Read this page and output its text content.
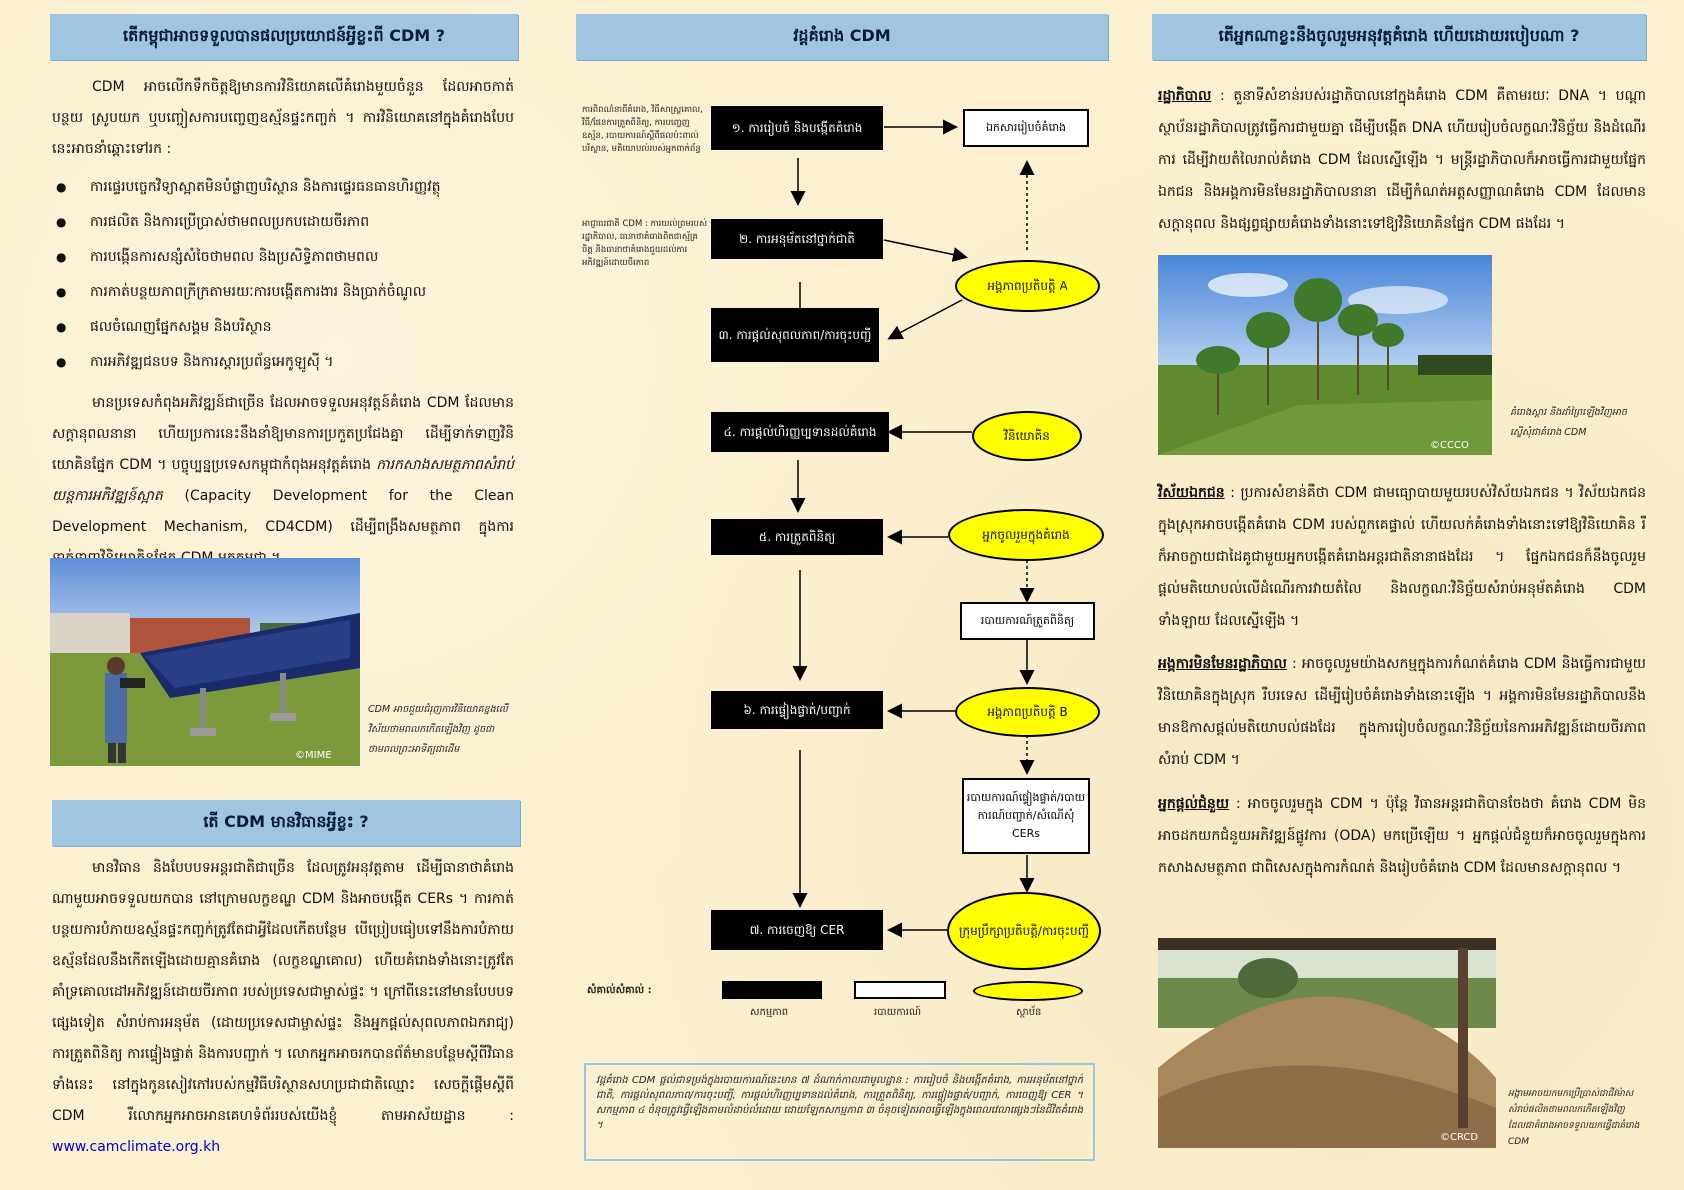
តើកម្ពុជាអាចទទួលបានផលប្រយោជន៍អ្វីខ្លះពី CDM ?

CDM អាចលើកទឹកចិត្តឱ្យមានការវិនិយោគលើគំរោងមួយចំនួន ដែលអាចកាត់បន្ថយ ស្រូបយក ឬបញ្ចៀសការបញ្ចេញឧស្ម័នផ្ទះកញ្ចក់ ។ ការវិនិយោគនៅក្នុងគំរោងបែបនេះអាចនាំឆ្ពោះទៅរក :

● ការផ្ទេរបច្ចេកវិទ្យាស្អាតមិនបំផ្លាញបរិស្ថាន និងការផ្ទេរធនធានហិរញ្ញវត្ថុ
● ការផលិត និងការប្រើប្រាស់ថាមពលប្រកបដោយចីរភាព
● ការបង្កើនការសន្សំសំចៃថាមពល និងប្រសិទ្ធិភាពថាមពល
● ការកាត់បន្ថយភាពក្រីក្រតាមរយៈការបង្កើតការងារ និងប្រាក់ចំណូល
● ផលចំណេញផ្នែកសង្គម និងបរិស្ថាន
● ការអភិវឌ្ឍជនបទ និងការស្តារប្រព័ន្ធអេកូឡូស៊ី ។

មានប្រទេសកំពុងអភិវឌ្ឍន៍ជាច្រើន ដែលអាចទទួលអនុវត្តន៍គំរោង CDM ដែលមានសក្តានុពលនានា ហើយប្រការនេះនឹងនាំឱ្យមានការប្រកួតប្រជែងគ្នា ដើម្បីទាក់ទាញវិនិយោគិនផ្នែក CDM ។ បច្ចុប្បន្នប្រទេសកម្ពុជាកំពុងអនុវត្តគំរោង ការកសាងសមត្ថភាពសំរាប់យន្តការអភិវឌ្ឍន៍ស្អាត (Capacity Development for the Clean Development Mechanism, CD4CDM) ដើម្បីពង្រឹងសមត្ថភាព ក្នុងការ

©MIME
CDM អាចជួយជំរុញការវិនិយោគខ្នងលើវិស័យថាមពលកកើតឡើងវិញ ដូចជាថាមពលព្រះអាទិត្យជាដើម
តើ CDM មានវិធានអ្វីខ្លះ ?

មានវិធាន និងបែបបទអន្តរជាតិជាច្រើន ដែលត្រូវអនុវត្តតាម ដើម្បីធានាថាគំរោងណាមួយអាចទទួលយកបាន នៅក្រោមលក្ខខណ្ឌ CDM និងអាចបង្កើត CERs ។ ការកាត់បន្ថយការបំភាយឧស្ម័នផ្ទះកញ្ចក់ត្រូវតែជាអ្វីដែលកើតបន្ថែម បើប្រៀបធៀបទៅនឹងការបំភាយឧស្ម័នដែលនឹងកើតឡើងដោយគ្មានគំរោង (លក្ខខណ្ឌគោល) ហើយគំរោងទាំងនោះត្រូវតែគាំទ្រគោលដៅអភិវឌ្ឍន៍ដោយចីរភាព របស់ប្រទេសជាម្ចាស់ផ្ទះ ។ ក្រៅពីនេះនៅមានបែបបទផ្សេងទៀត សំរាប់ការអនុម័ត (ដោយប្រទេសជាម្ចាស់ផ្ទះ និងអ្នកផ្តល់សុពលភាពឯករាជ្យ) ការត្រួតពិនិត្យ ការផ្ទៀងផ្ទាត់ និងការបញ្ជាក់ ។ លោកអ្នកអាចរកបានព័ត៌មានបន្ថែមស្តីពីវិធានទាំងនេះ នៅក្នុងកូនសៀវភៅរបស់កម្មវិធីបរិស្ថានសហប្រជាជាតិឈ្មោះ សេចក្តីផ្តើមស្តីពី CDM រឺលោកអ្នកអាចអានគេហទំព័ររបស់យើងខ្ញុំ តាមអាស័យដ្ឋាន : www.camclimate.org.kh

វដ្តគំរោង CDM
ការពិពណ៌នាពីគំរោង, វិធីសាស្ត្រគោល, វិធី/ផែនការត្រួតពិនិត្យ, ការបញ្ចេញឧស្ម័ន, របាយការណ៍ស្តីពីផលប៉ះពាល់បរិស្ថាន, មតិយោបល់របស់អ្នកពាក់ព័ន្ធ
អាជ្ញាធរជាតិ CDM : ការយល់ព្រមរបស់រដ្ឋាភិបាល, ធានាថាគំរោងពិតជាស្ម័គ្រចិត្ត និងធានាថាគំរោងជួយដល់ការអភិវឌ្ឍន៍ដោយចីរភាព
១. ការរៀបចំ និងបង្កើតគំរោង
២. ការអនុម័តនៅថ្នាក់ជាតិ
៣. ការផ្តល់សុពលភាព/ការចុះបញ្ជី
៤. ការផ្តល់ហិរញ្ញប្បទានដល់គំរោង
៥. ការត្រួតពិនិត្យ
៦. ការផ្ទៀងផ្ទាត់/បញ្ជាក់
៧. ការចេញឱ្យ CER
ឯកសាររៀបចំគំរោង
របាយការណ៍ត្រួតពិនិត្យ
របាយការណ៍ផ្ទៀងផ្ទាត់/របាយការណ៍បញ្ជាក់/សំណើសុំ CERs
អង្គភាពប្រតិបត្តិ A
វិនិយោគិន
អ្នកចូលរួមក្នុងគំរោង
អង្គភាពប្រតិបត្តិ B
ក្រុមប្រឹក្សាប្រតិបត្តិ/ការចុះបញ្ជី
សំគាល់សំគាល់ :
សកម្មភាព	របាយការណ៍	ស្ថាប័ន
វដ្តគំរោង CDM ផ្តល់ជាទម្រង់ក្នុងរបាយការណ៍នេះមាន ៧ ដំណាក់កាលជាមូលដ្ឋាន : ការរៀបចំ និងបង្កើតគំរោង, ការអនុម័តនៅថ្នាក់ជាតិ, ការផ្តល់សុពលភាព/ការចុះបញ្ជី, ការផ្តល់ហិរញ្ញប្បទានដល់គំរោង, ការត្រួតពិនិត្យ, ការផ្ទៀងផ្ទាត់/បញ្ជាក់, ការចេញឱ្យ CER ។ សកម្មភាព ៤ ចំនុចត្រូវធ្វើឡើងតាមលំដាប់លំដោយ ដោយឡែកសកម្មភាព ៣ ចំនុចទៀតអាចធ្វើឡើងក្នុងពេលវេលាផ្សេងៗនៃជីវិតគំរោង ។
តើអ្នកណាខ្លះនឹងចូលរួមអនុវត្តគំរោង ហើយដោយរបៀបណា ?

រដ្ឋាភិបាល : តួនាទីសំខាន់របស់រដ្ឋាភិបាលនៅក្នុងគំរោង CDM គឺតាមរយៈ DNA ។ បណ្តាស្ថាប័នរដ្ឋាភិបាលត្រូវធ្វើការជាមួយគ្នា ដើម្បីបង្កើត DNA ហើយរៀបចំលក្ខណៈវិនិច្ឆ័យ និងដំណើរការ ដើម្បីវាយតំលៃរាល់គំរោង CDM ដែលស្នើឡើង ។ មន្ត្រីរដ្ឋាភិបាលក៏អាចធ្វើការជាមួយផ្នែកឯកជន និងអង្គការមិនមែនរដ្ឋាភិបាលនានា ដើម្បីកំណត់អត្តសញ្ញាណគំរោង CDM ដែលមានសក្តានុពល និងផ្សព្វផ្សាយគំរោងទាំងនោះទៅឱ្យវិនិយោគិនផ្នែក CDM ផងដែរ ។

©CCCO
គំរោងស្តារ និងដាំព្រៃឡើងវិញអាចស្នើសុំជាគំរោង CDM

វិស័យឯកជន : ប្រការសំខាន់គឺថា CDM ជាមធ្យោបាយមួយរបស់វិស័យឯកជន ។ វិស័យឯកជនក្នុងស្រុកអាចបង្កើតគំរោង CDM របស់ពួកគេផ្ទាល់ ហើយលក់គំរោងទាំងនោះទៅឱ្យវិនិយោគិន រឺក៏អាចក្លាយជាដៃគូជាមួយអ្នកបង្កើតគំរោងអន្តរជាតិនានាផងដែរ ។ ផ្នែកឯកជនក៏នឹងចូលរួមផ្តល់មតិយោបល់លើដំណើរការវាយតំលៃ និងលក្ខណៈវិនិច្ឆ័យសំរាប់អនុម័តគំរោង CDM ទាំងឡាយ ដែលស្នើឡើង ។

អង្គការមិនមែនរដ្ឋាភិបាល : អាចចូលរួមយ៉ាងសកម្មក្នុងការកំណត់គំរោង CDM និងធ្វើការជាមួយវិនិយោគិនក្នុងស្រុក រឺបរទេស ដើម្បីរៀបចំគំរោងទាំងនោះឡើង ។ អង្គការមិនមែនរដ្ឋាភិបាលនឹងមានឱកាសផ្តល់មតិយោបល់ផងដែរ ក្នុងការរៀបចំលក្ខណៈវិនិច្ឆ័យនៃការអភិវឌ្ឍន៍ដោយចីរភាពសំរាប់ CDM ។

អ្នកផ្តល់ជំនួយ : អាចចូលរួមក្នុង CDM ។ ប៉ុន្តែ វិធានអន្តរជាតិបានចែងថា គំរោង CDM មិនអាចដកយកជំនួយអភិវឌ្ឍន៍ផ្លូវការ (ODA) មកប្រើឡើយ ។ អ្នកផ្តល់ជំនួយក៏អាចចូលរួមក្នុងការកសាងសមត្ថភាព ជាពិសេសក្នុងការកំណត់ និងរៀបចំគំរោង CDM ដែលមានសក្តានុពល ។

©CRCD
អង្កាមអាចយកមកប្រើប្រាស់ជាជីវម៉ាស សំរាប់ផលិតថាមពលកកើតឡើងវិញ ដែលជាគំរោងអាចទទួលយកធ្វើជាគំរោង CDM
